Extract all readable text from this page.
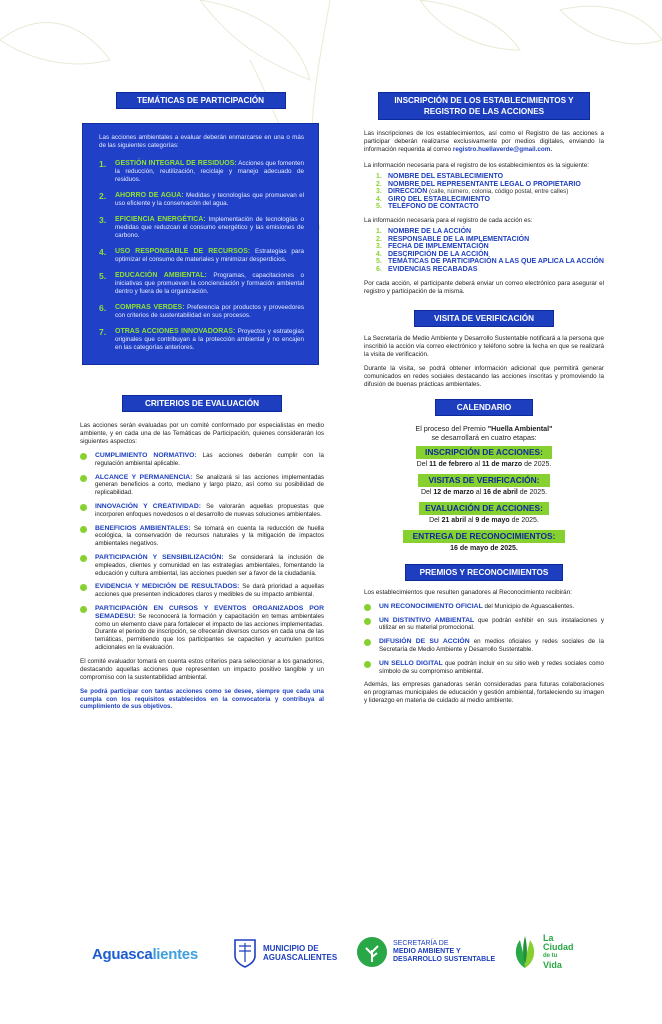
TEMÁTICAS DE PARTICIPACIÓN

Las acciones ambientales a evaluar deberán enmarcarse en una o más de las siguientes categorías:

1.	GESTIÓN INTEGRAL DE RESIDUOS: Acciones que fomenten la reducción, reutilización, reciclaje y manejo adecuado de residuos.
2.	AHORRO DE AGUA: Medidas y tecnologías que promuevan el uso eficiente y la conservación del agua.
3.	EFICIENCIA ENERGÉTICA: Implementación de tecnologías o medidas que reduzcan el consumo energético y las emisiones de carbono.
4.	USO RESPONSABLE DE RECURSOS: Estrategias para optimizar el consumo de materiales y minimizar desperdicios.
5.	EDUCACIÓN AMBIENTAL: Programas, capacitaciones o iniciativas que promuevan la concienciación y formación ambiental dentro y fuera de la organización.
6.	COMPRAS VERDES: Preferencia por productos y proveedores con criterios de sustentabilidad en sus procesos.
7.	OTRAS ACCIONES INNOVADORAS: Proyectos y estrategias originales que contribuyan a la protección ambiental y no encajen en las categorías anteriores.
CRITERIOS DE EVALUACIÓN

Las acciones serán evaluadas por un comité conformado por especialistas en medio ambiente, y en cada una de las Temáticas de Participación, quienes considerarán los siguientes aspectos:

CUMPLIMIENTO NORMATIVO: Las acciones deberán cumplir con la regulación ambiental aplicable.
ALCANCE Y PERMANENCIA: Se analizará si las acciones implementadas generan beneficios a corto, mediano y largo plazo, así como su posibilidad de replicabilidad.
INNOVACIÓN Y CREATIVIDAD: Se valorarán aquellas propuestas que incorporen enfoques novedosos o el desarrollo de nuevas soluciones ambientales.
BENEFICIOS AMBIENTALES: Se tomará en cuenta la reducción de huella ecológica, la conservación de recursos naturales y la mitigación de impactos ambientales negativos.
PARTICIPACIÓN Y SENSIBILIZACIÓN: Se considerará la inclusión de empleados, clientes y comunidad en las estrategias ambientales, fomentando la educación y cultura ambiental, las acciones pueden ser a favor de la ciudadanía.
EVIDENCIA Y MEDICIÓN DE RESULTADOS: Se dará prioridad a aquellas acciones que presenten indicadores claros y medibles de su impacto ambiental.
PARTICIPACIÓN EN CURSOS Y EVENTOS ORGANIZADOS POR SEMADESU: Se reconocerá la formación y capacitación en temas ambientales como un elemento clave para fortalecer el impacto de las acciones implementadas. Durante el periodo de inscripción, se ofrecerán diversos cursos en cada una de las temáticas, permitiendo que los participantes se capaciten y acumulen puntos adicionales en la evaluación.

El comité evaluador tomará en cuenta estos criterios para seleccionar a los ganadores, destacando aquellas acciones que representen un impacto positivo tangible y un compromiso con la sustentabilidad ambiental.

Se podrá participar con tantas acciones como se desee, siempre que cada una cumpla con los requisitos establecidos en la convocatoria y contribuya al cumplimiento de sus objetivos.

INSCRIPCIÓN DE LOS ESTABLECIMIENTOS Y REGISTRO DE LAS ACCIONES

Las inscripciones de los establecimientos, así como el Registro de las acciones a participar deberán realizarse exclusivamente por medios digitales, enviando la información requerida al correo registro.huellaverde@gmail.com.

La información necesaria para el registro de los establecimientos es la siguiente:

1. NOMBRE DEL ESTABLECIMIENTO
2. NOMBRE DEL REPRESENTANTE LEGAL O PROPIETARIO
3. DIRECCIÓN (calle, número, colonia, código postal, entre calles)
4. GIRO DEL ESTABLECIMIENTO
5. TELÉFONO DE CONTACTO

La información necesaria para el registro de cada acción es:

1. NOMBRE DE LA ACCIÓN
2. RESPONSABLE DE LA IMPLEMENTACIÓN
3. FECHA DE IMPLEMENTACIÓN
4. DESCRIPCIÓN DE LA ACCIÓN
5. TEMÁTICAS DE PARTICIPACIÓN A LAS QUE APLICA LA ACCIÓN
6. EVIDENCIAS RECABADAS

Por cada acción, el participante deberá enviar un correo electrónico para asegurar el registro y participación de la misma.

VISITA DE VERIFICACIÓN

La Secretaría de Medio Ambiente y Desarrollo Sustentable notificará a la persona que inscribió la acción vía correo electrónico y teléfono sobre la fecha en que se realizará la visita de verificación.

Durante la visita, se podrá obtener información adicional que permitirá generar comunicados en redes sociales destacando las acciones inscritas y promoviendo la difusión de buenas prácticas ambientales.

CALENDARIO

El proceso del Premio "Huella Ambiental"
se desarrollará en cuatro etapas:

INSCRIPCIÓN DE ACCIONES:

Del 11 de febrero al 11 de marzo de 2025.

VISITAS DE VERIFICACIÓN:

Del 12 de marzo al 16 de abril de 2025.

EVALUACIÓN DE ACCIONES:

Del 21 abril al 9 de mayo de 2025.

ENTREGA DE RECONOCIMIENTOS:

16 de mayo de 2025.

PREMIOS Y RECONOCIMIENTOS

Los establecimientos que resulten ganadores al Reconocimiento recibirán:

UN RECONOCIMIENTO OFICIAL del Municipio de Aguascalientes.
UN DISTINTIVO AMBIENTAL que podrán exhibir en sus instalaciones y utilizar en su material promocional.
DIFUSIÓN DE SU ACCIÓN en medios oficiales y redes sociales de la Secretaría de Medio Ambiente y Desarrollo Sustentable.
UN SELLO DIGITAL que podrán incluir en su sitio web y redes sociales como símbolo de su compromiso ambiental.

Además, las empresas ganadoras serán consideradas para futuras colaboraciones en programas municipales de educación y gestión ambiental, fortaleciendo su imagen y liderazgo en materia de cuidado al medio ambiente.

Aguasca lientes	MUNICIPIO DE
AGUASCALIENTES
SECRETARÍA DE
MEDIO AMBIENTE Y
DESARROLLO SUSTENTABLE
La
Ciudad
de tu
Vida
